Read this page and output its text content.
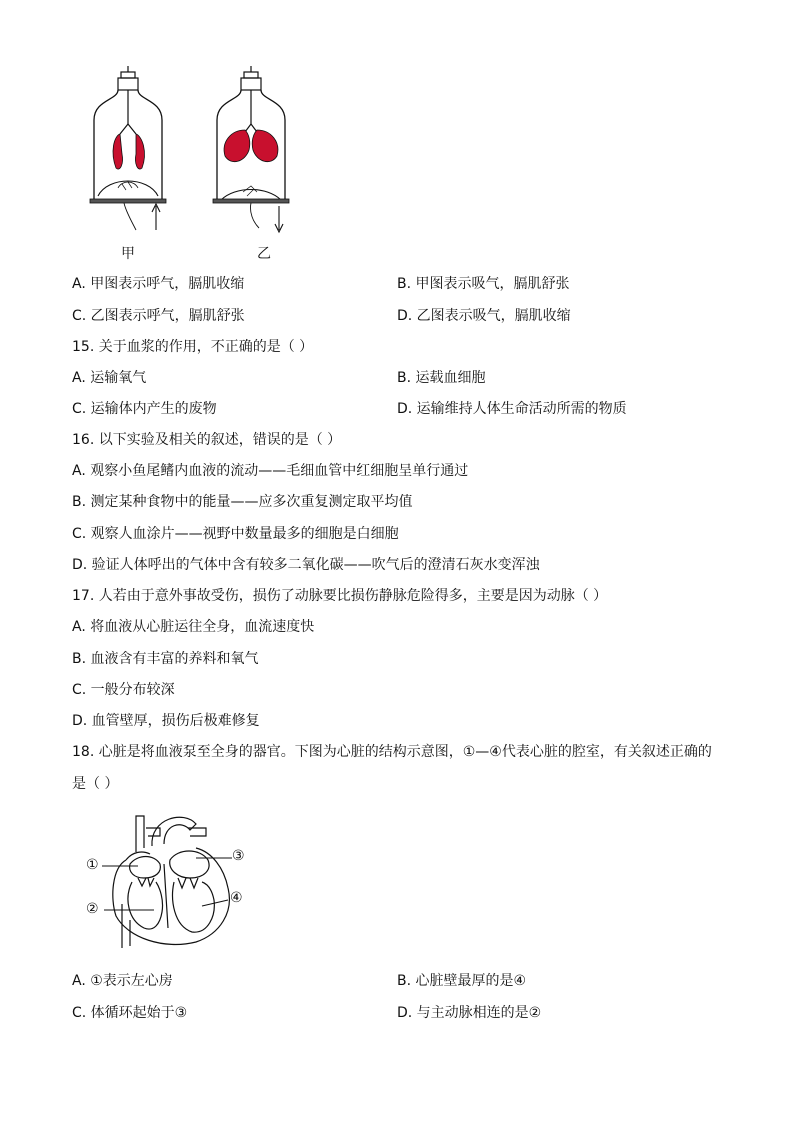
甲	乙
A. 甲图表示呼气，膈肌收缩	B. 甲图表示吸气，膈肌舒张
C. 乙图表示呼气，膈肌舒张	D. 乙图表示吸气，膈肌收缩
15. 关于血浆的作用，不正确的是（ ）
A. 运输氧气	B. 运载血细胞
C. 运输体内产生的废物	D. 运输维持人体生命活动所需的物质
16. 以下实验及相关的叙述，错误的是（ ）
A. 观察小鱼尾鳍内血液的流动——毛细血管中红细胞呈单行通过
B. 测定某种食物中的能量——应多次重复测定取平均值
C. 观察人血涂片——视野中数量最多的细胞是白细胞
D. 验证人体呼出的气体中含有较多二氧化碳——吹气后的澄清石灰水变浑浊
17. 人若由于意外事故受伤，损伤了动脉要比损伤静脉危险得多，主要是因为动脉（ ）
A. 将血液从心脏运往全身，血流速度快
B. 血液含有丰富的养料和氧气
C. 一般分布较深
D. 血管壁厚，损伤后极难修复
18. 心脏是将血液泵至全身的器官。下图为心脏的结构示意图，①—④代表心脏的腔室，有关叙述正确的
是（ ）
①
②
③
④
A. ①表示左心房	B. 心脏壁最厚的是④
C. 体循环起始于③	D. 与主动脉相连的是②
